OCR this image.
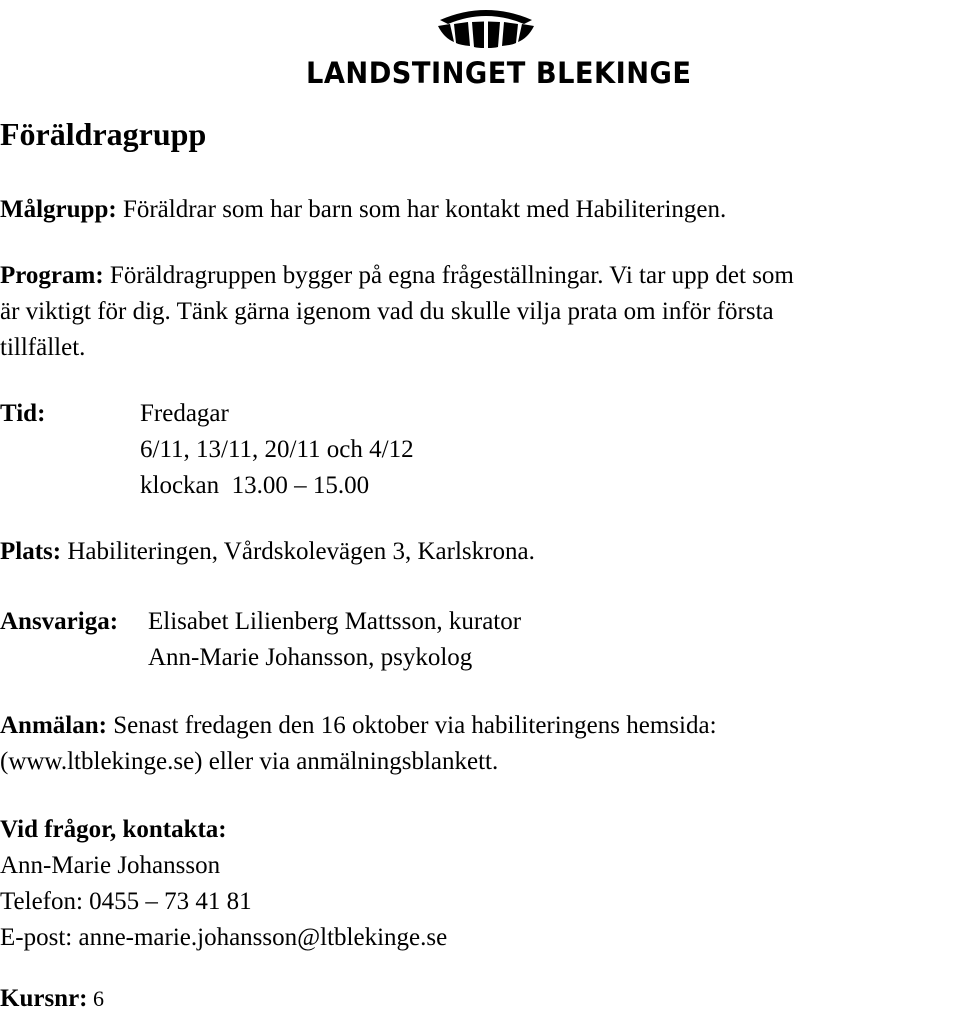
LANDSTINGET BLEKINGE
Föräldragrupp
Målgrupp: Föräldrar som har barn som har kontakt med Habiliteringen.
Program: Föräldragruppen bygger på egna frågeställningar. Vi tar upp det som
är viktigt för dig. Tänk gärna igenom vad du skulle vilja prata om inför första
tillfället.
Tid:	Fredagar
6/11, 13/11, 20/11 och 4/12
klockan  13.00 – 15.00
Plats: Habiliteringen, Vårdskolevägen 3, Karlskrona.
Ansvariga: Elisabet Lilienberg Mattsson, kurator
Ann-Marie Johansson, psykolog
Anmälan: Senast fredagen den 16 oktober via habiliteringens hemsida:
(www.ltblekinge.se) eller via anmälningsblankett.
Vid frågor, kontakta:
Ann-Marie Johansson
Telefon: 0455 – 73 41 81
E-post: anne-marie.johansson@ltblekinge.se
Kursnr: 6
